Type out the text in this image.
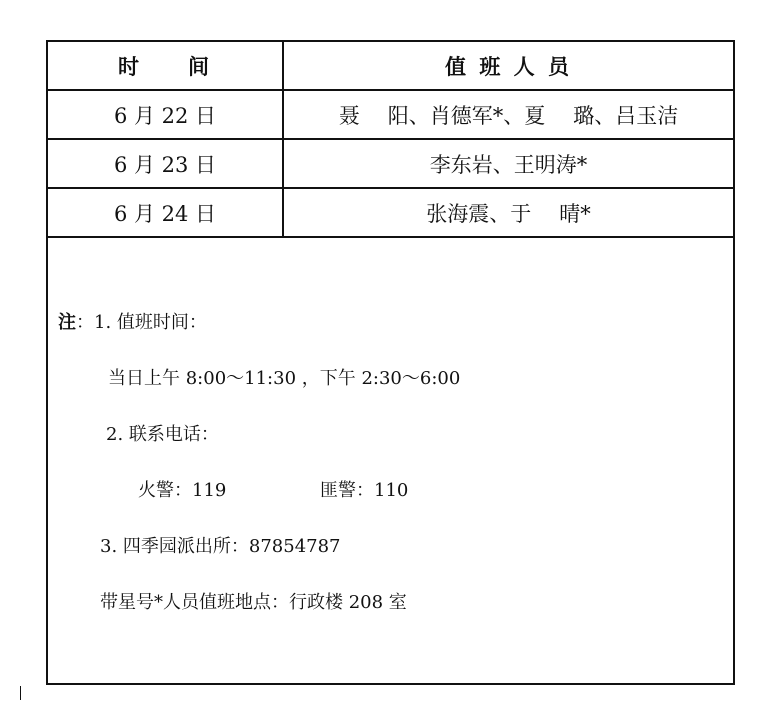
时 间	值 班 人 员
6 月 22 日	聂 阳、肖德军*、夏 璐、吕玉洁
6 月 23 日	李东岩、王明涛*
6 月 24 日	张海震、于 晴*
注：1. 值班时间：
当日上午 8:00～11:30 ，下午 2:30～6:00
2. 联系电话：
火警：119	匪警：110
3. 四季园派出所：87854787
带星号*人员值班地点：行政楼 208 室
